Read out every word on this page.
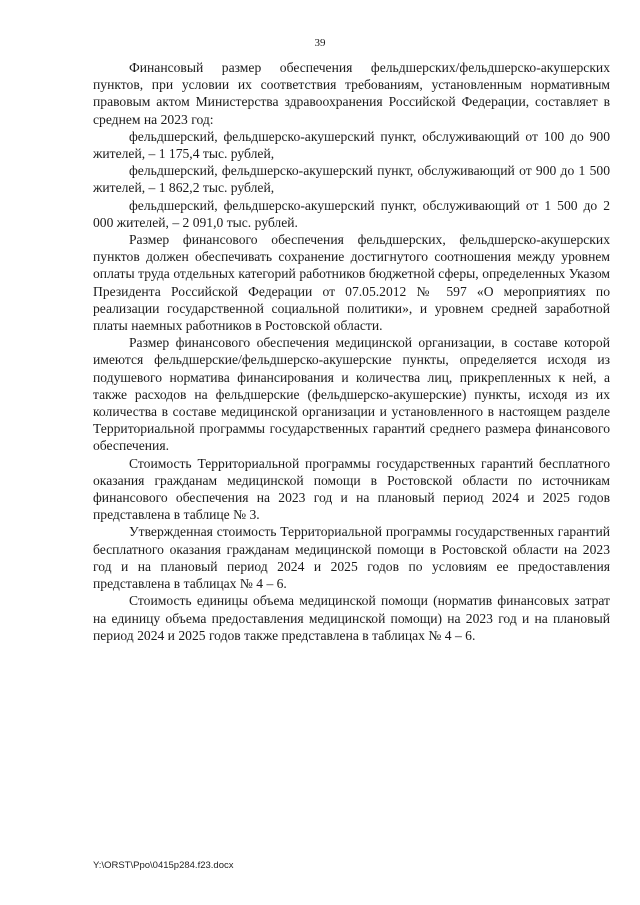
39

Финансовый размер обеспечения фельдшерских/фельдшерско-акушерских пунктов, при условии их соответствия требованиям, установленным нормативным правовым актом Министерства здравоохранения Российской Федерации, составляет в среднем на 2023 год:

фельдшерский, фельдшерско-акушерский пункт, обслуживающий от 100 до 900 жителей, – 1 175,4 тыс. рублей,

фельдшерский, фельдшерско-акушерский пункт, обслуживающий от 900 до 1 500 жителей, – 1 862,2 тыс. рублей,

фельдшерский, фельдшерско-акушерский пункт, обслуживающий от 1 500 до 2 000 жителей, – 2 091,0 тыс. рублей.

Размер финансового обеспечения фельдшерских, фельдшерско-акушерских пунктов должен обеспечивать сохранение достигнутого соотношения между уровнем оплаты труда отдельных категорий работников бюджетной сферы, определенных Указом Президента Российской Федерации от 07.05.2012 № 597 «О мероприятиях по реализации государственной социальной политики», и уровнем средней заработной платы наемных работников в Ростовской области.

Размер финансового обеспечения медицинской организации, в составе которой имеются фельдшерские/фельдшерско-акушерские пункты, определяется исходя из подушевого норматива финансирования и количества лиц, прикрепленных к ней, а также расходов на фельдшерские (фельдшерско-акушерские) пункты, исходя из их количества в составе медицинской организации и установленного в настоящем разделе Территориальной программы государственных гарантий среднего размера финансового обеспечения.

Стоимость Территориальной программы государственных гарантий бесплатного оказания гражданам медицинской помощи в Ростовской области по источникам финансового обеспечения на 2023 год и на плановый период 2024 и 2025 годов представлена в таблице № 3.

Утвержденная стоимость Территориальной программы государственных гарантий бесплатного оказания гражданам медицинской помощи в Ростовской области на 2023 год и на плановый период 2024 и 2025 годов по условиям ее предоставления представлена в таблицах № 4 – 6.

Стоимость единицы объема медицинской помощи (норматив финансовых затрат на единицу объема предоставления медицинской помощи) на 2023 год и на плановый период 2024 и 2025 годов также представлена в таблицах № 4 – 6.

Y:\ORST\Ppo\0415p284.f23.docx
